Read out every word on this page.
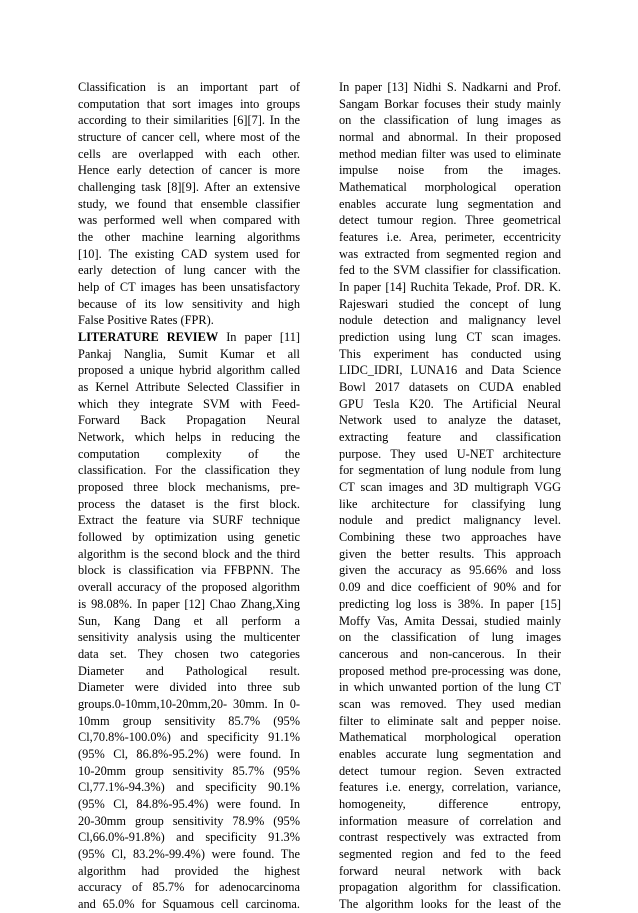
Classification is an important part of
computation that sort images into groups
according to their similarities [6][7]. In the
structure of cancer cell, where most of the
cells are overlapped with each other.
Hence early detection of cancer is more
challenging task [8][9]. After an extensive
study, we found that ensemble classifier
was performed well when compared with
the other machine learning algorithms
[10]. The existing CAD system used for
early detection of lung cancer with the
help of CT images has been unsatisfactory
because of its low sensitivity and high
False Positive Rates (FPR).
LITERATURE REVIEW In paper [11]
Pankaj Nanglia, Sumit Kumar et all
proposed a unique hybrid algorithm called
as Kernel Attribute Selected Classifier in
which they integrate SVM with Feed-
Forward Back Propagation Neural
Network, which helps in reducing the
computation complexity of the
classification. For the classification they
proposed three block mechanisms, pre-
process the dataset is the first block.
Extract the feature via SURF technique
followed by optimization using genetic
algorithm is the second block and the third
block is classification via FFBPNN. The
overall accuracy of the proposed algorithm
is 98.08%. In paper [12] Chao Zhang,Xing
Sun, Kang Dang et all perform a
sensitivity analysis using the multicenter
data set. They chosen two categories
Diameter and Pathological result.
Diameter were divided into three sub
groups.0-10mm,10-20mm,20- 30mm. In 0-
10mm group sensitivity 85.7% (95%
Cl,70.8%-100.0%) and specificity 91.1%
(95% Cl, 86.8%-95.2%) were found. In
10-20mm group sensitivity 85.7% (95%
Cl,77.1%-94.3%) and specificity 90.1%
(95% Cl, 84.8%-95.4%) were found. In
20-30mm group sensitivity 78.9% (95%
Cl,66.0%-91.8%) and specificity 91.3%
(95% Cl, 83.2%-99.4%) were found. The
algorithm had provided the highest
accuracy of 85.7% for adenocarcinoma
and 65.0% for Squamous cell carcinoma.
In paper [13] Nidhi S. Nadkarni and Prof.
Sangam Borkar focuses their study mainly
on the classification of lung images as
normal and abnormal. In their proposed
method median filter was used to eliminate
impulse noise from the images.
Mathematical morphological operation
enables accurate lung segmentation and
detect tumour region. Three geometrical
features i.e. Area, perimeter, eccentricity
was extracted from segmented region and
fed to the SVM classifier for classification.
In paper [14] Ruchita Tekade, Prof. DR. K.
Rajeswari studied the concept of lung
nodule detection and malignancy level
prediction using lung CT scan images.
This experiment has conducted using
LIDC_IDRI, LUNA16 and Data Science
Bowl 2017 datasets on CUDA enabled
GPU Tesla K20. The Artificial Neural
Network used to analyze the dataset,
extracting feature and classification
purpose. They used U-NET architecture
for segmentation of lung nodule from lung
CT scan images and 3D multigraph VGG
like architecture for classifying lung
nodule and predict malignancy level.
Combining these two approaches have
given the better results. This approach
given the accuracy as 95.66% and loss
0.09 and dice coefficient of 90% and for
predicting log loss is 38%. In paper [15]
Moffy Vas, Amita Dessai, studied mainly
on the classification of lung images
cancerous and non-cancerous. In their
proposed method pre-processing was done,
in which unwanted portion of the lung CT
scan was removed. They used median
filter to eliminate salt and pepper noise.
Mathematical morphological operation
enables accurate lung segmentation and
detect tumour region. Seven extracted
features i.e. energy, correlation, variance,
homogeneity, difference entropy,
information measure of correlation and
contrast respectively was extracted from
segmented region and fed to the feed
forward neural network with back
propagation algorithm for classification.
The algorithm looks for the least of the
